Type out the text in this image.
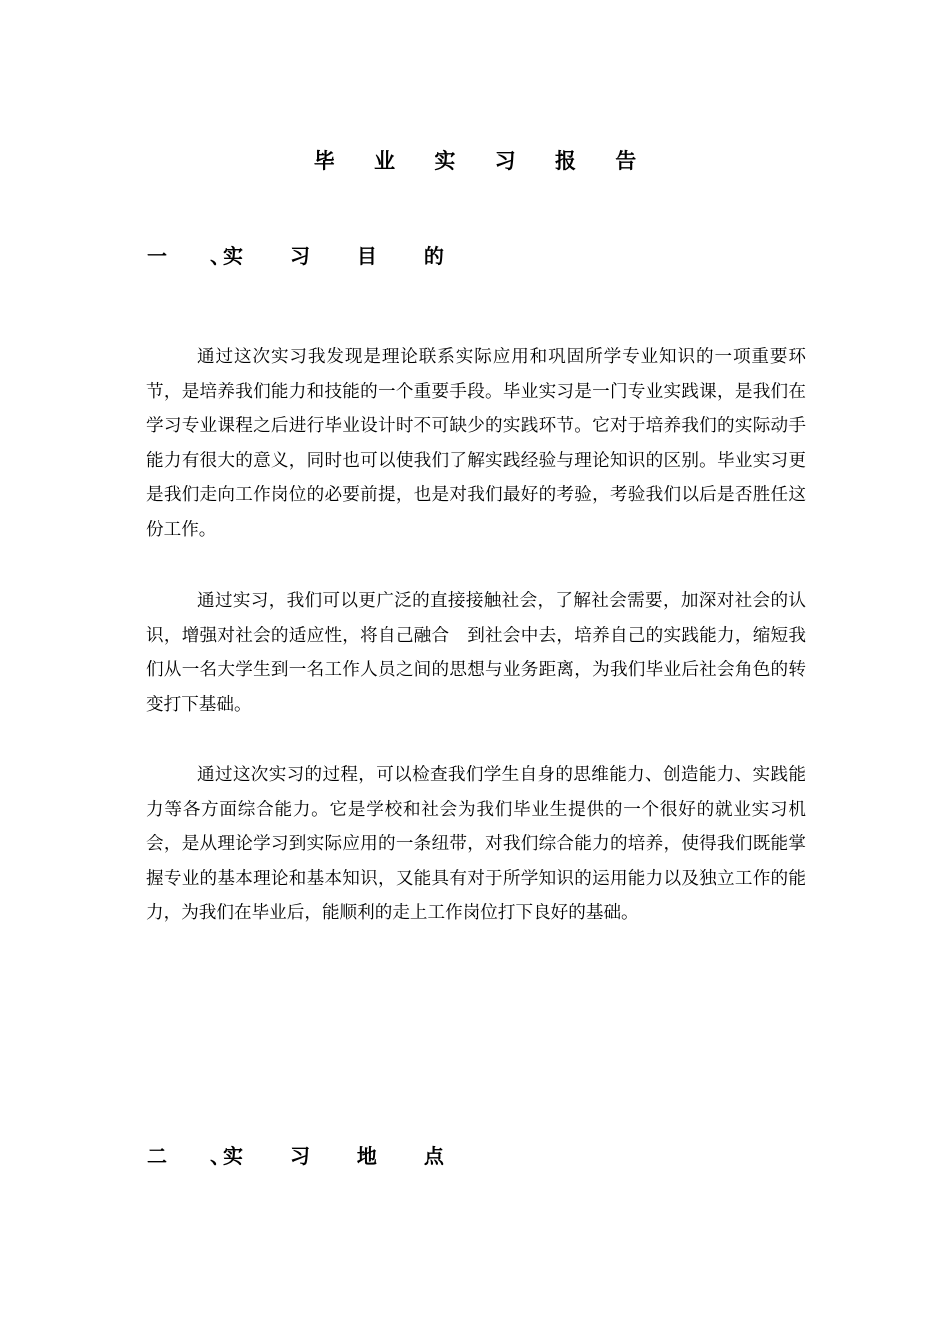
毕 业 实 习 报 告
一 、实 习 目 的

通过这次实习我发现是理论联系实际应用和巩固所学专业知识的一项重要环节，是培养我们能力和技能的一个重要手段。毕业实习是一门专业实践课，是我们在学习专业课程之后进行毕业设计时不可缺少的实践环节。它对于培养我们的实际动手能力有很大的意义，同时也可以使我们了解实践经验与理论知识的区别。毕业实习更是我们走向工作岗位的必要前提，也是对我们最好的考验，考验我们以后是否胜任这份工作。

通过实习，我们可以更广泛的直接接触社会，了解社会需要，加深对社会的认识，增强对社会的适应性，将自己融合　到社会中去，培养自己的实践能力，缩短我们从一名大学生到一名工作人员之间的思想与业务距离，为我们毕业后社会角色的转变打下基础。

通过这次实习的过程，可以检查我们学生自身的思维能力、创造能力、实践能力等各方面综合能力。它是学校和社会为我们毕业生提供的一个很好的就业实习机会，是从理论学习到实际应用的一条纽带，对我们综合能力的培养，使得我们既能掌握专业的基本理论和基本知识，又能具有对于所学知识的运用能力以及独立工作的能力，为我们在毕业后，能顺利的走上工作岗位打下良好的基础。

二 、实 习 地 点
